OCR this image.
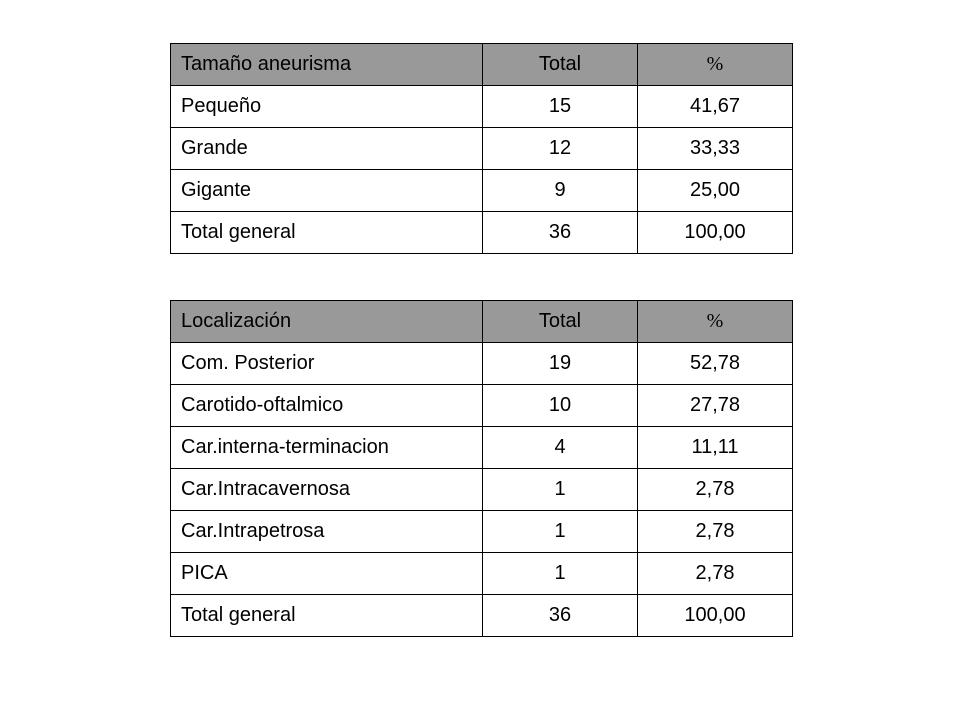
Tamaño aneurisma	Total	%
Pequeño	15	41,67
Grande	12	33,33
Gigante	9	25,00
Total general	36	100,00
Localización	Total	%
Com. Posterior	19	52,78
Carotido-oftalmico	10	27,78
Car.interna-terminacion	4	11,11
Car.Intracavernosa	1	2,78
Car.Intrapetrosa	1	2,78
PICA	1	2,78
Total general	36	100,00
